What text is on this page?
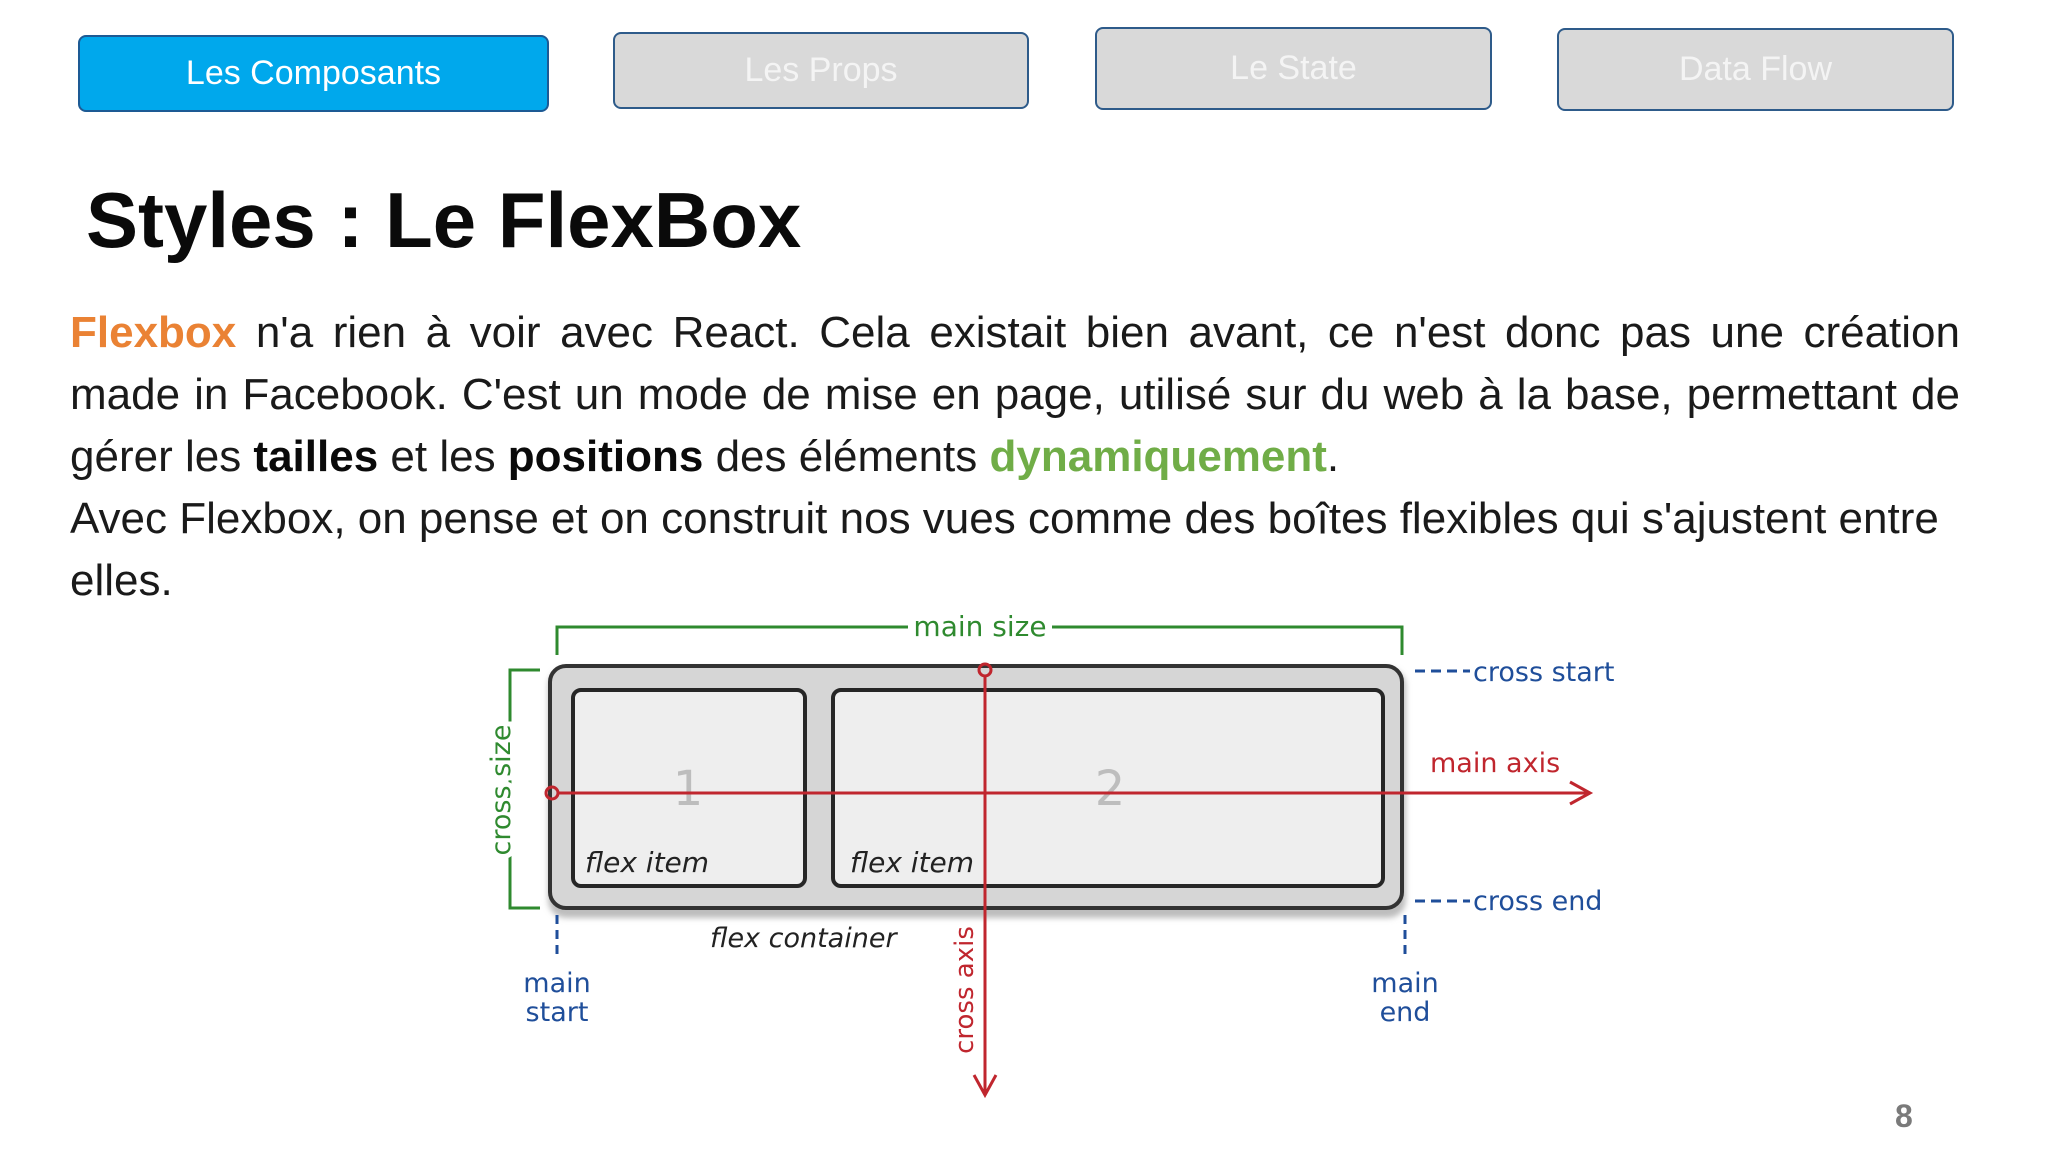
Les Composants	Les Props	Le State	Data Flow
Styles : Le FlexBox

Flexbox n'a rien à voir avec React. Cela existait bien avant, ce n'est donc pas une création made in Facebook. C'est un mode de mise en page, utilisé sur du web à la base, permettant de gérer les tailles et les positions des éléments dynamiquement.

Avec Flexbox, on pense et on construit nos vues comme des boîtes flexibles qui s'ajustent entre elles.

main size
cross size	1
flex item
2
flex item
main axis
cross axis
cross start
cross end
flex container
main
start
main
end
8
